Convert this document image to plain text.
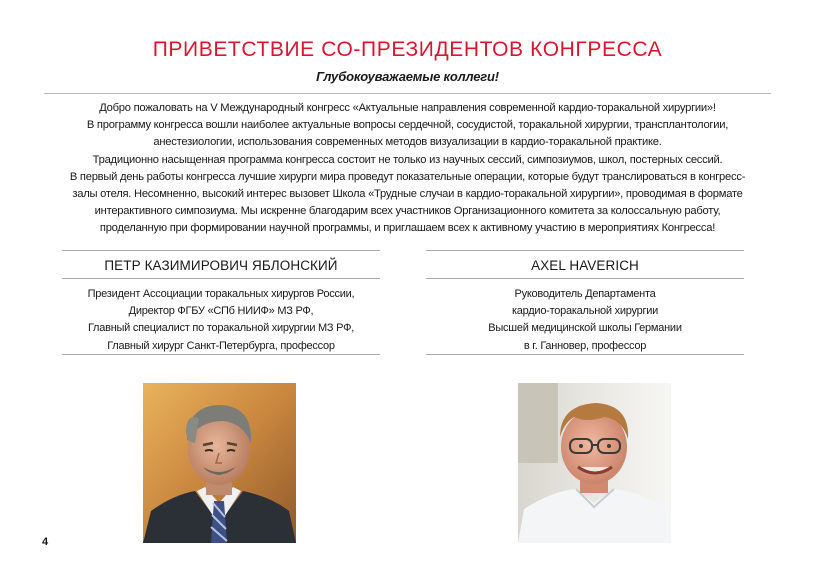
ПРИВЕТСТВИЕ СО-ПРЕЗИДЕНТОВ КОНГРЕССА
Глубокоуважаемые коллеги!
Добро пожаловать на V Международный конгресс «Актуальные направления современной кардио-торакальной хирургии»!
В программу конгресса вошли наиболее актуальные вопросы сердечной, сосудистой, торакальной хирургии, трансплантологии,
анестезиологии, использования современных методов визуализации в кардио-торакальной практике.
Традиционно насыщенная программа конгресса состоит не только из научных сессий, симпозиумов, школ, постерных сессий.
В первый день работы конгресса лучшие хирурги мира проведут показательные операции, которые будут транслироваться в конгресс-
залы отеля. Несомненно, высокий интерес вызовет Школа «Трудные случаи в кардио-торакальной хирургии», проводимая в формате
интерактивного симпозиума. Мы искренне благодарим всех участников Организационного комитета за колоссальную работу,
проделанную при формировании научной программы, и приглашаем всех к активному участию в мероприятиях Конгресса!
ПЕТР КАЗИМИРОВИЧ ЯБЛОНСКИЙ
Президент Ассоциации торакальных хирургов России,
Директор ФГБУ «СПб НИИФ» МЗ РФ,
Главный специалист по торакальной хирургии МЗ РФ,
Главный хирург Санкт-Петербурга, профессор
AXEL HAVERICH
Руководитель Департамента
кардио-торакальной хирургии
Высшей медицинской школы Германии
в г. Ганновер, профессор
4
